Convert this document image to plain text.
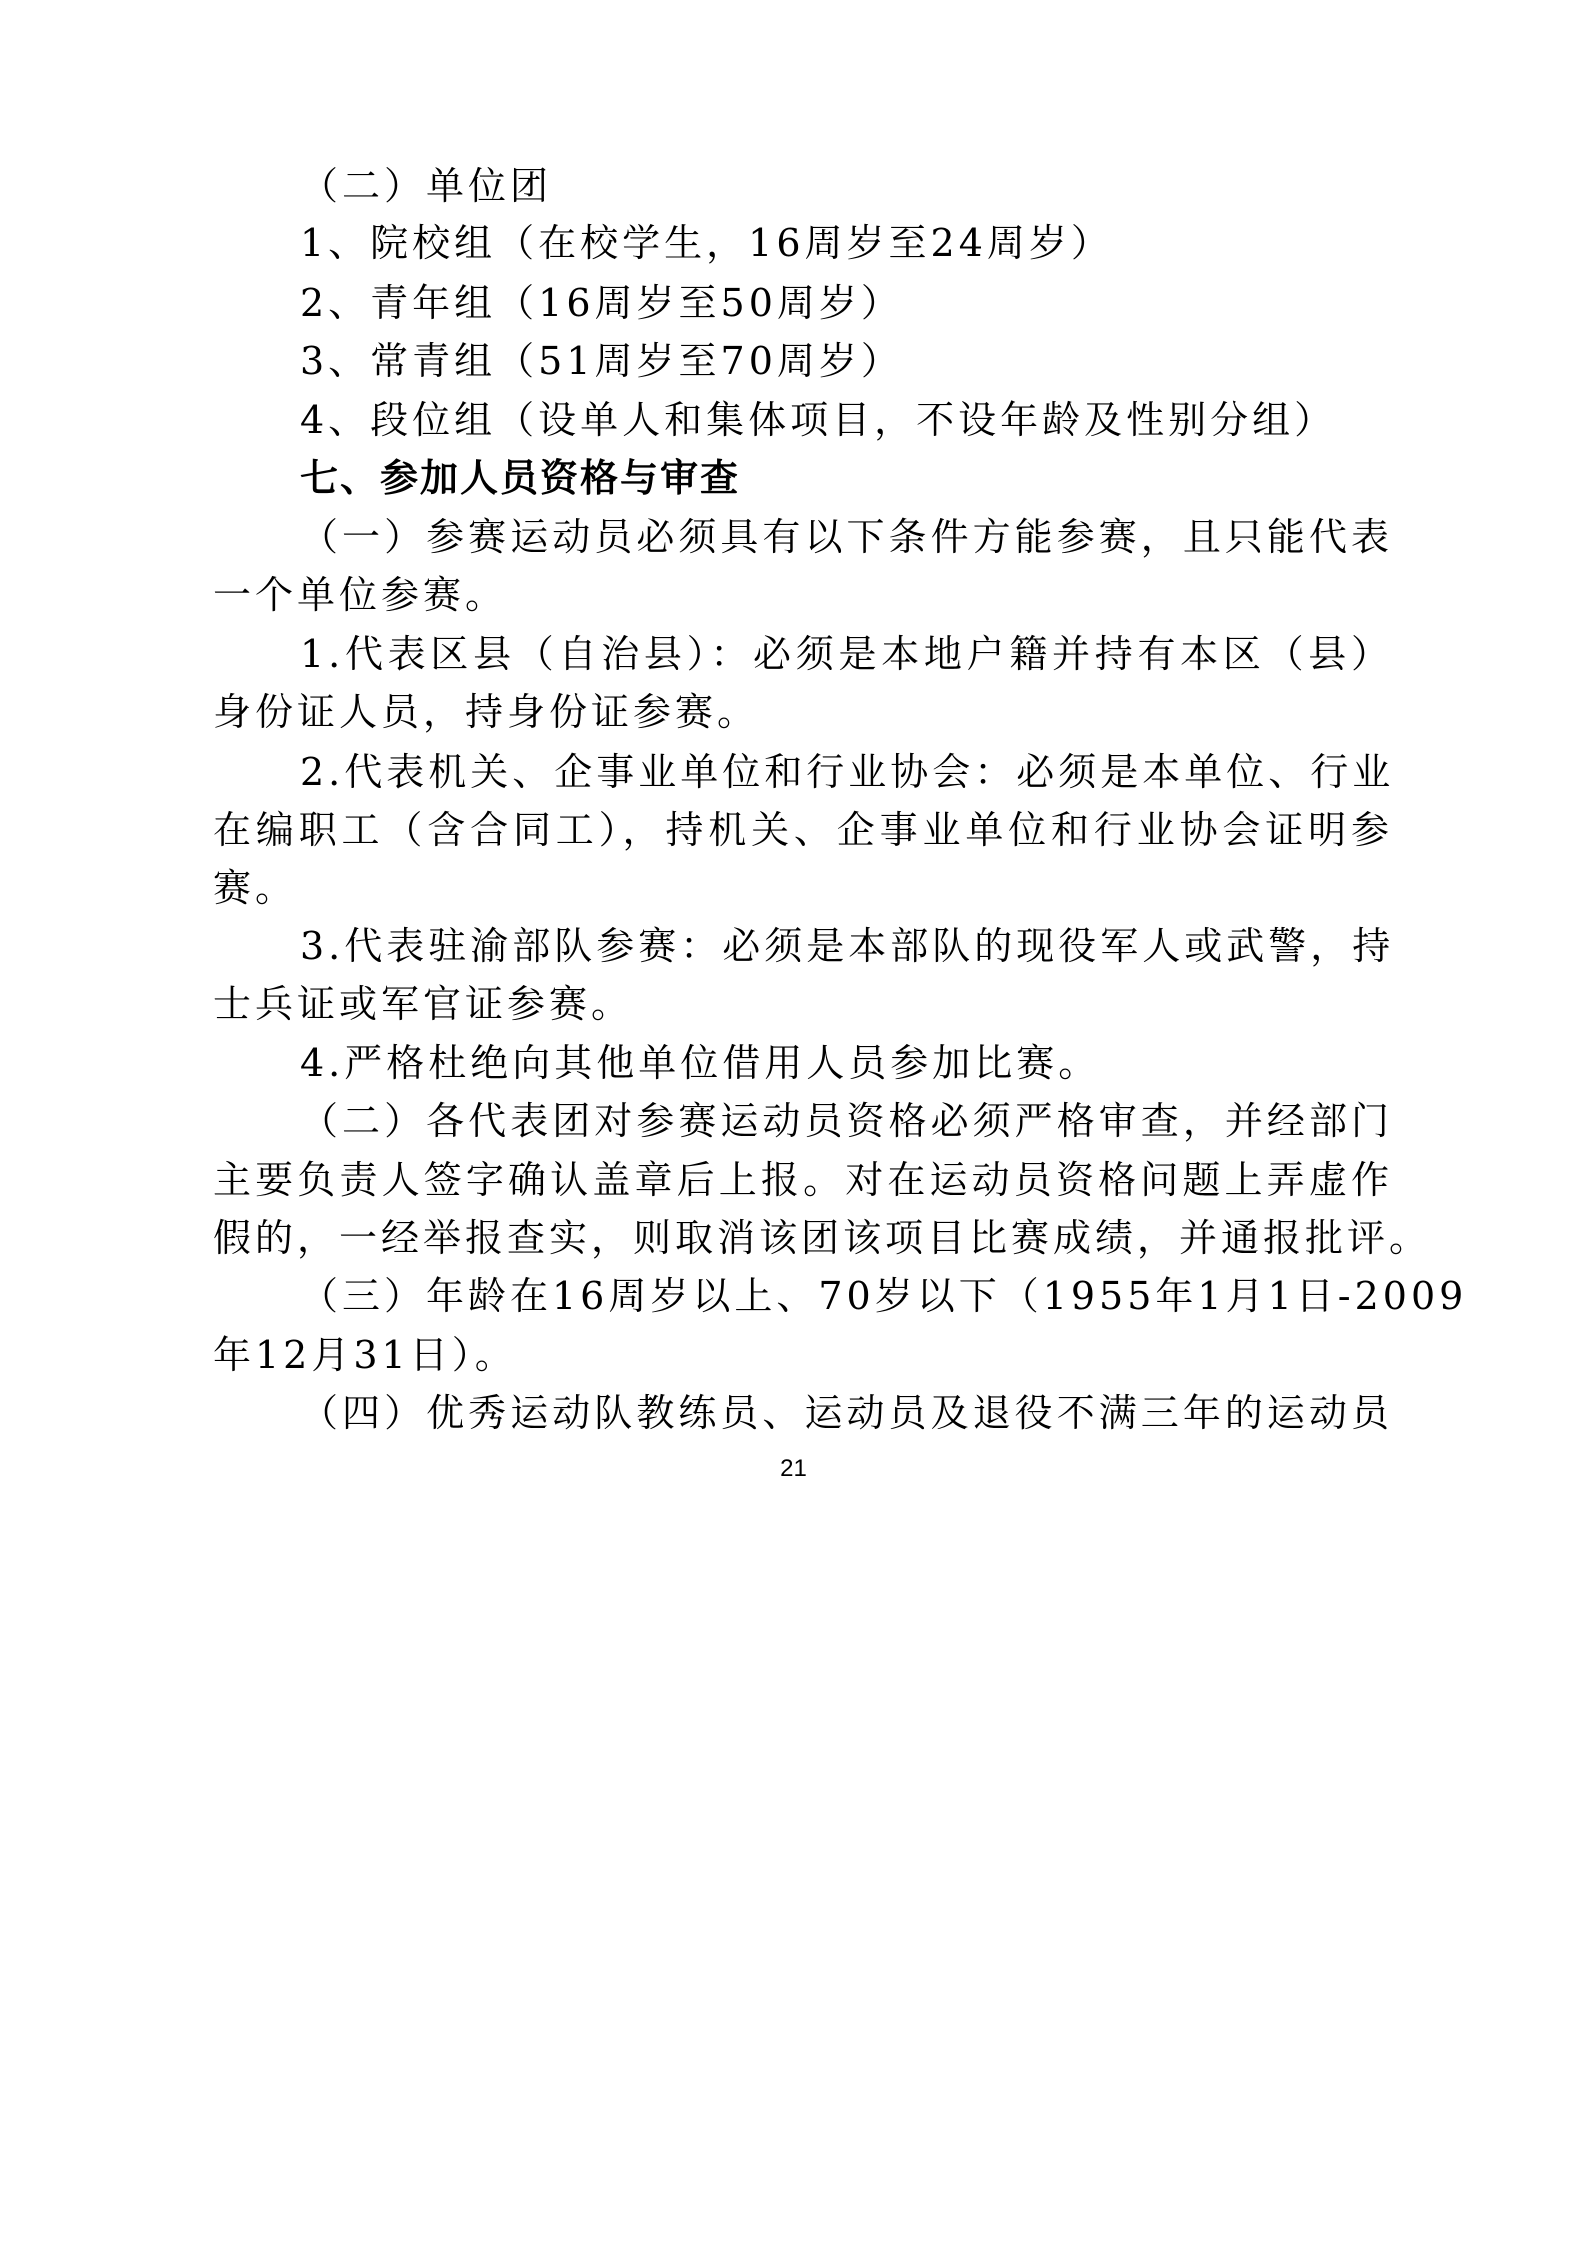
（二）单位团
1、院校组（在校学生，16周岁至24周岁）
2、青年组（16周岁至50周岁）
3、常青组（51周岁至70周岁）
4、段位组（设单人和集体项目，不设年龄及性别分组）
七、参加人员资格与审查
（一）参赛运动员必须具有以下条件方能参赛，且只能代表
一个单位参赛。
1.代表区县（自治县）：必须是本地户籍并持有本区（县）
身份证人员，持身份证参赛。
2.代表机关、企事业单位和行业协会：必须是本单位、行业
在编职工（含合同工），持机关、企事业单位和行业协会证明参
赛。
3.代表驻渝部队参赛：必须是本部队的现役军人或武警，持
士兵证或军官证参赛。
4.严格杜绝向其他单位借用人员参加比赛。
（二）各代表团对参赛运动员资格必须严格审查，并经部门
主要负责人签字确认盖章后上报。对在运动员资格问题上弄虚作
假的，一经举报查实，则取消该团该项目比赛成绩，并通报批评。
（三）年龄在16周岁以上、70岁以下（1955年1月1日-2009
年12月31日）。
（四）优秀运动队教练员、运动员及退役不满三年的运动员
21
